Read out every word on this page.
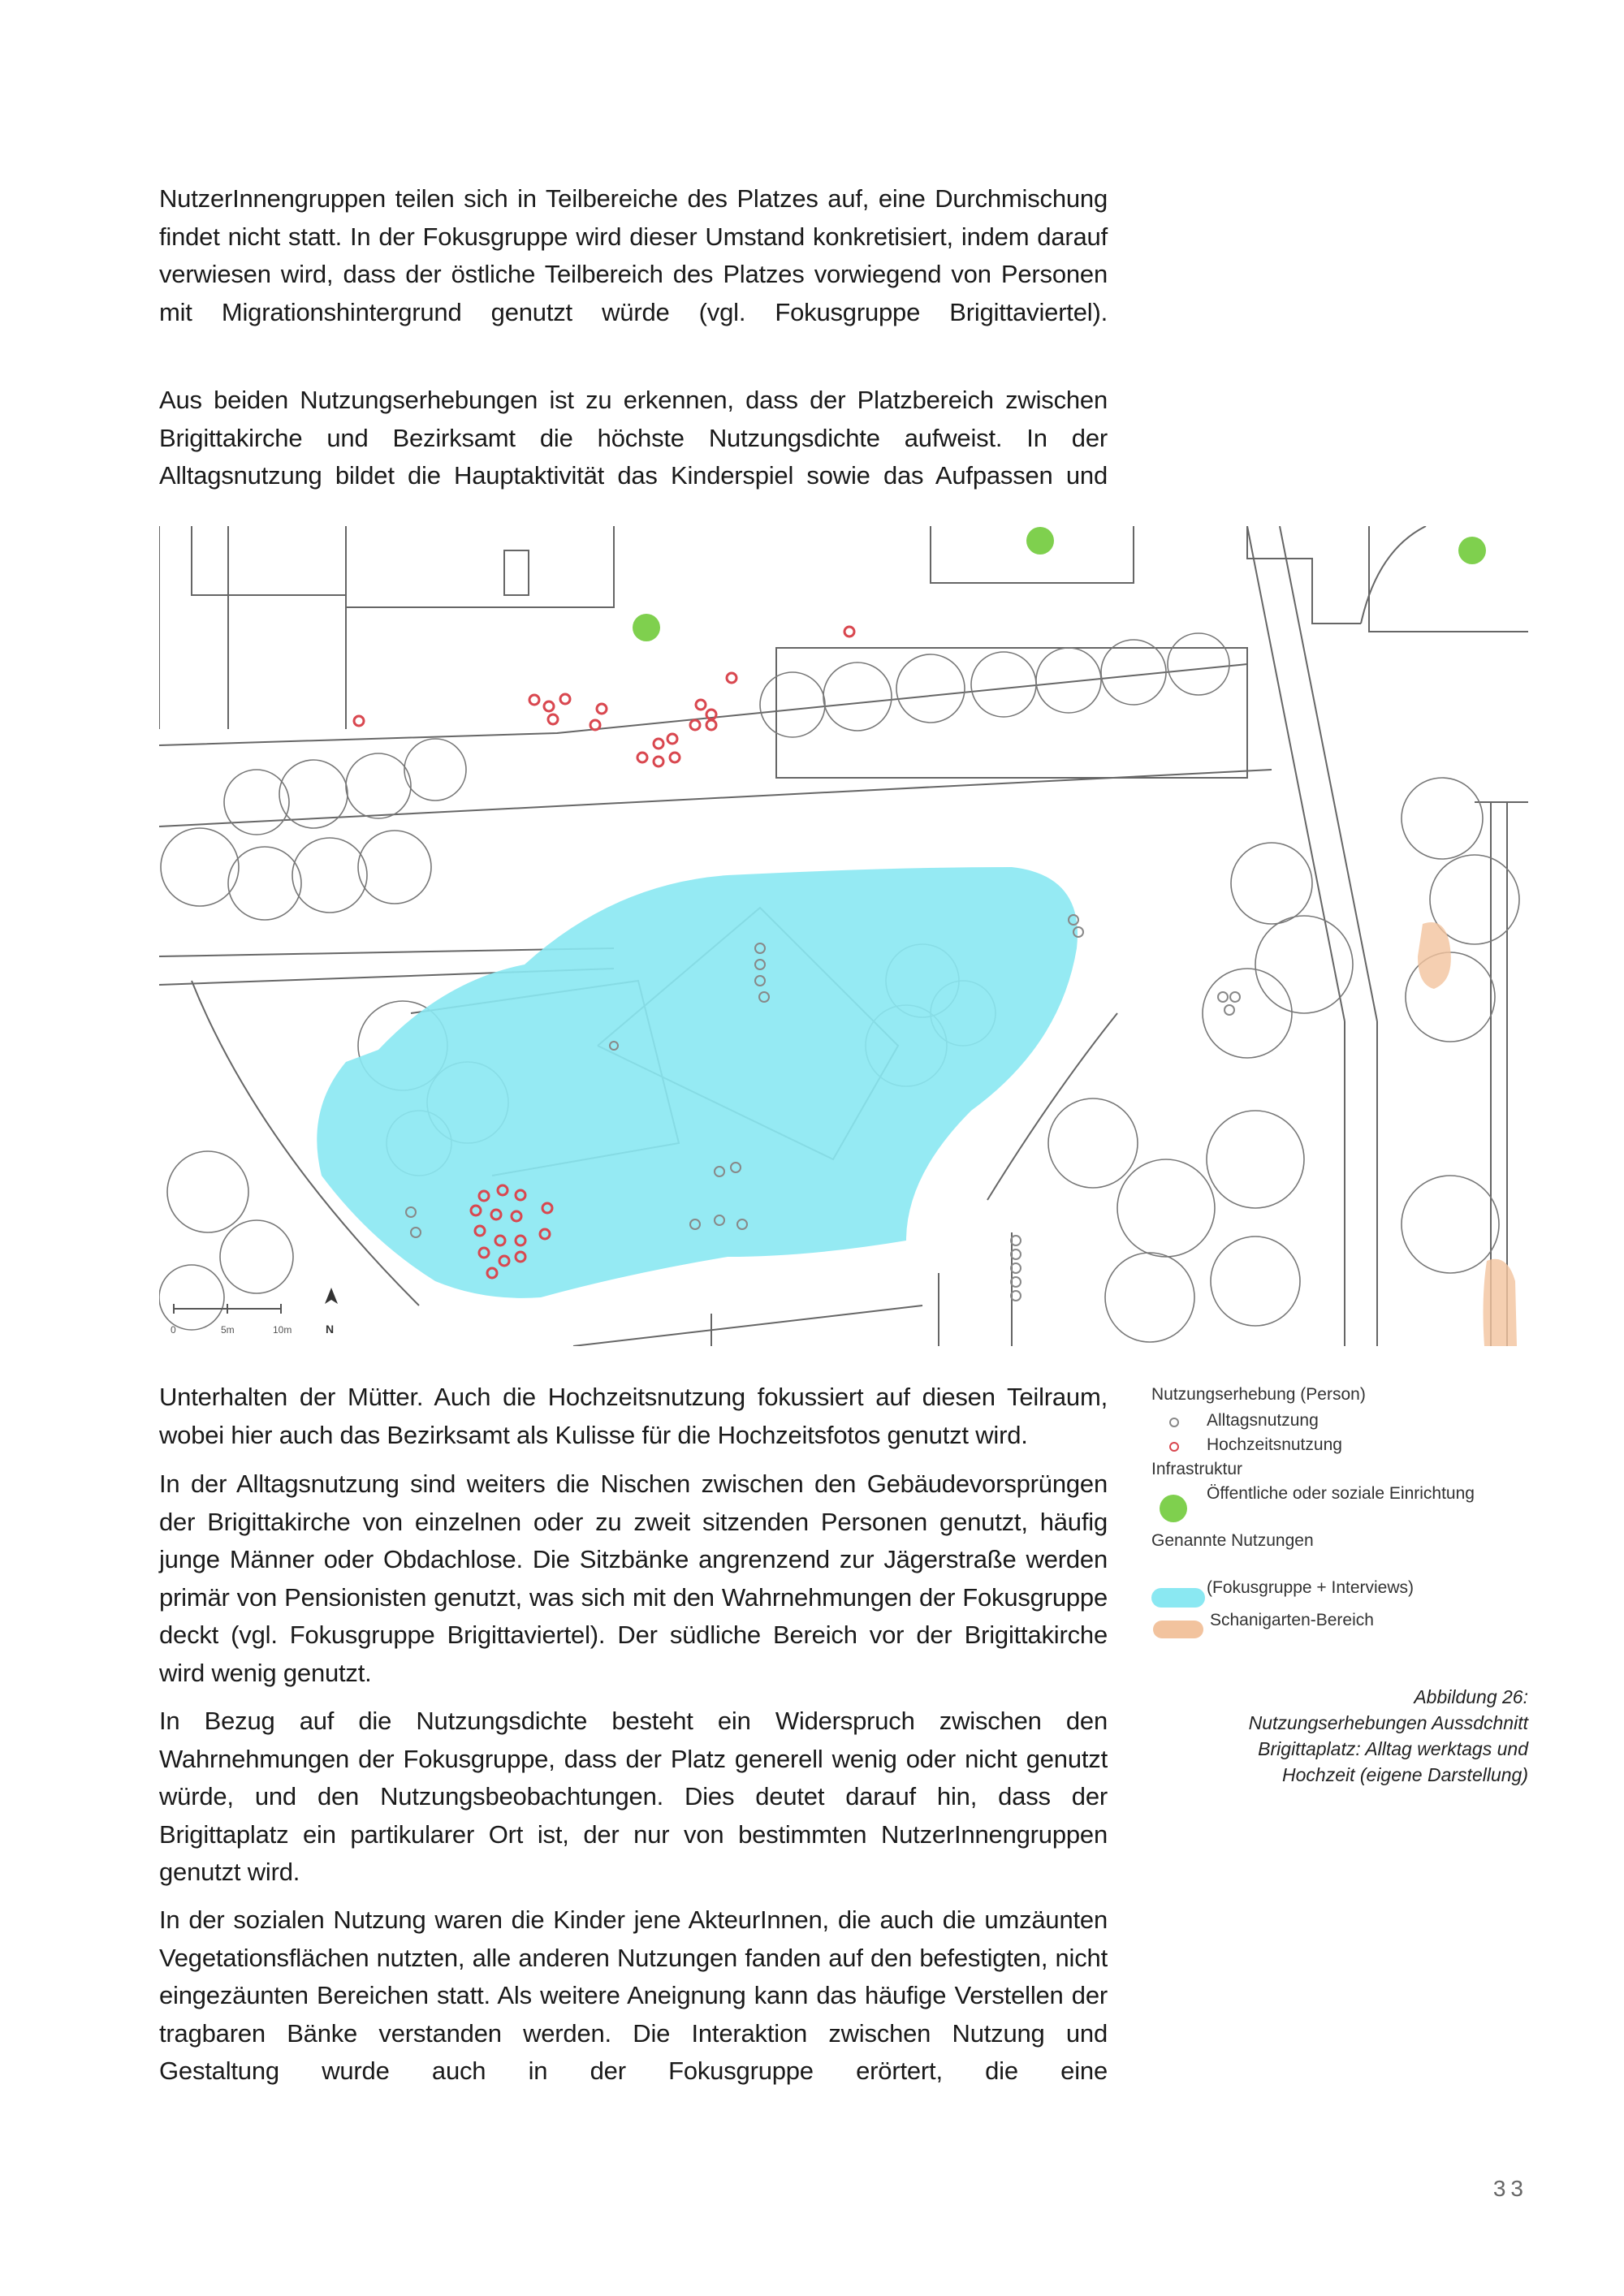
NutzerInnengruppen teilen sich in Teilbereiche des Platzes auf, eine Durchmischung findet nicht statt. In der Fokusgruppe wird dieser Umstand konkretisiert, indem darauf verwiesen wird, dass der östliche Teilbereich des Platzes vorwiegend von Personen mit Migrationshintergrund genutzt würde (vgl. Fokusgruppe Brigittaviertel).

Aus beiden Nutzungserhebungen ist zu erkennen, dass der Platzbereich zwischen Brigittakirche und Bezirksamt die höchste Nutzungsdichte aufweist. In der Alltagsnutzung bildet die Hauptaktivität das Kinderspiel sowie das Aufpassen und

0	5m	10m	N

Unterhalten der Mütter. Auch die Hochzeitsnutzung fokussiert auf diesen Teilraum, wobei hier auch das Bezirksamt als Kulisse für die Hochzeitsfotos genutzt wird.

In der Alltagsnutzung sind weiters die Nischen zwischen den Gebäudevorsprüngen der Brigittakirche von einzelnen oder zu zweit sitzenden Personen genutzt, häufig junge Männer oder Obdachlose. Die Sitzbänke angrenzend zur Jägerstraße werden primär von Pensionisten genutzt, was sich mit den Wahrnehmungen der Fokusgruppe deckt (vgl. Fokusgruppe Brigittaviertel). Der südliche Bereich vor der Brigittakirche wird wenig genutzt.

In Bezug auf die Nutzungsdichte besteht ein Widerspruch zwischen den Wahrnehmungen der Fokusgruppe, dass der Platz generell wenig oder nicht genutzt würde, und den Nutzungsbeobachtungen. Dies deutet darauf hin, dass der Brigittaplatz ein partikularer Ort ist, der nur von bestimmten NutzerInnengruppen genutzt wird.

In der sozialen Nutzung waren die Kinder jene AkteurInnen, die auch die umzäunten Vegetationsflächen nutzten, alle anderen Nutzungen fanden auf den befestigten, nicht eingezäunten Bereichen statt. Als weitere Aneignung kann das häufige Verstellen der tragbaren Bänke verstanden werden. Die Interaktion zwischen Nutzung und Gestaltung wurde auch in der Fokusgruppe erörtert, die eine

Nutzungserhebung (Person)
Alltagsnutzung
Hochzeitsnutzung
Infrastruktur
Öffentliche oder soziale Einrichtung
Genannte Nutzungen
(Fokusgruppe + Interviews)
Schanigarten-Bereich
Abbildung 26:
Nutzungserhebungen Aussdchnitt
Brigittaplatz: Alltag werktags und
Hochzeit (eigene Darstellung)
33
